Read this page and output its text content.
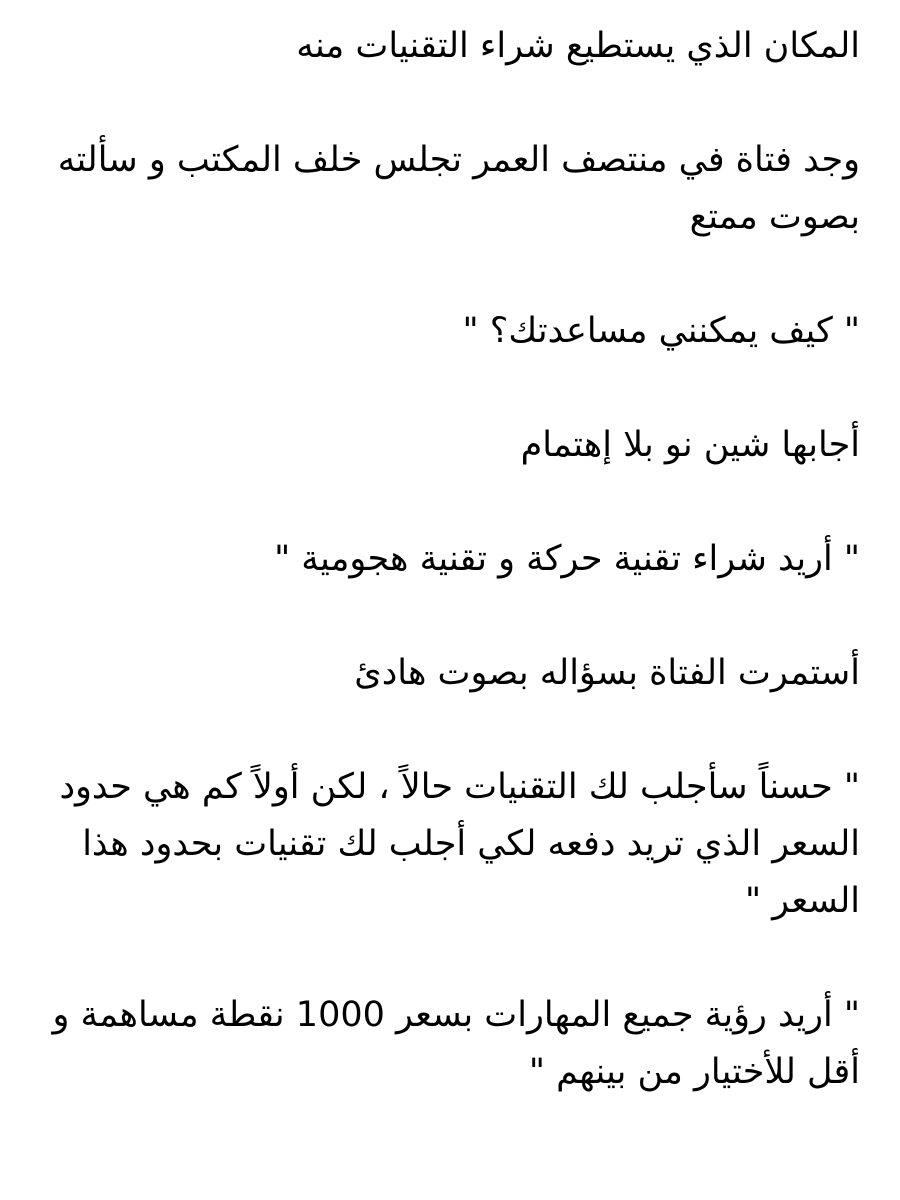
المكان الذي يستطيع شراء التقنيات منه

وجد فتاة في منتصف العمر تجلس خلف المكتب و سألته بصوت ممتع

" كيف يمكنني مساعدتك؟ "

أجابها شين نو بلا إهتمام

" أريد شراء تقنية حركة و تقنية هجومية "

أستمرت الفتاة بسؤاله بصوت هادئ

" حسناً سأجلب لك التقنيات حالاً ، لكن أولاً كم هي حدود السعر الذي تريد دفعه لكي أجلب لك تقنيات بحدود هذا السعر "

" أريد رؤية جميع المهارات بسعر 1000 نقطة مساهمة و أقل للأختيار من بينهم "
